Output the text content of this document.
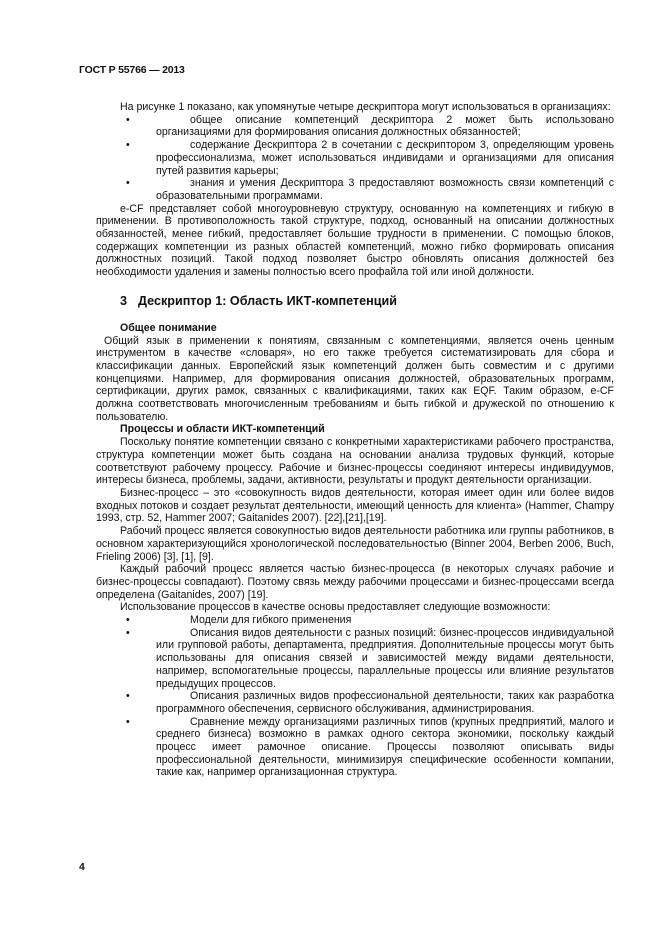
ГОСТ Р 55766 — 2013

На рисунке 1 показано, как упомянутые четыре дескриптора могут использоваться в организациях:

•	общее описание компетенций дескриптора 2 может быть использовано организациями для формирования описания должностных обязанностей;
•	содержание Дескриптора 2 в сочетании с дескриптором 3, определяющим уровень профессионализма, может использоваться индивидами и организациями для описания путей развития карьеры;
•	знания и умения Дескриптора 3 предоставляют возможность связи компетенций с образовательными программами.

e-CF представляет собой многоуровневую структуру, основанную на компетенциях и гибкую в применении. В противоположность такой структуре, подход, основанный на описании должностных обязанностей, менее гибкий, предоставляет большие трудности в применении. С помощью блоков, содержащих компетенции из разных областей компетенций, можно гибко формировать описания должностных позиций. Такой подход позволяет быстро обновлять описания должностей без необходимости удаления и замены полностью всего профайла той или иной должности.

3 Дескриптор 1: Область ИКТ-компетенций
Общее понимание

Общий язык в применении к понятиям, связанным с компетенциями, является очень ценным инструментом в качестве «словаря», но его также требуется систематизировать для сбора и классификации данных. Европейский язык компетенций должен быть совместим и с другими концепциями. Например, для формирования описания должностей, образовательных программ, сертификации, других рамок, связанных с квалификациями, таких как EQF. Таким образом, e-CF должна соответствовать многочисленным требованиям и быть гибкой и дружеской по отношению к пользователю.

Процессы и области ИКТ-компетенций

Поскольку понятие компетенции связано с конкретными характеристиками рабочего пространства, структура компетенции может быть создана на основании анализа трудовых функций, которые соответствуют рабочему процессу. Рабочие и бизнес-процессы соединяют интересы индивидуумов, интересы бизнеса, проблемы, задачи, активности, результаты и продукт деятельности организации.

Бизнес-процесс – это «совокупность видов деятельности, которая имеет один или более видов входных потоков и создает результат деятельности, имеющий ценность для клиента» (Hammer, Champy 1993, стр. 52, Hammer 2007; Gaitanides 2007). [22],[21],[19].

Рабочий процесс является совокупностью видов деятельности работника или группы работников, в основном характеризующийся хронологической последовательностью (Binner 2004, Berben 2006, Buch, Frieling 2006) [3], [1], [9].

Каждый рабочий процесс является частью бизнес-процесса (в некоторых случаях рабочие и бизнес-процессы совпадают). Поэтому связь между рабочими процессами и бизнес-процессами всегда определена (Gaitanides, 2007) [19].

Использование процессов в качестве основы предоставляет следующие возможности:

•	Модели для гибкого применения
•	Описания видов деятельности с разных позиций: бизнес-процессов индивидуальной или групповой работы, департамента, предприятия. Дополнительные процессы могут быть использованы для описания связей и зависимостей между видами деятельности, например, вспомогательные процессы, параллельные процессы или влияние результатов предыдущих процессов.
•	Описания различных видов профессиональной деятельности, таких как разработка программного обеспечения, сервисного обслуживания, администрирования.
•	Сравнение между организациями различных типов (крупных предприятий, малого и среднего бизнеса) возможно в рамках одного сектора экономики, поскольку каждый процесс имеет рамочное описание. Процессы позволяют описывать виды профессиональной деятельности, минимизируя специфические особенности компании, такие как, например организационная структура.
4
